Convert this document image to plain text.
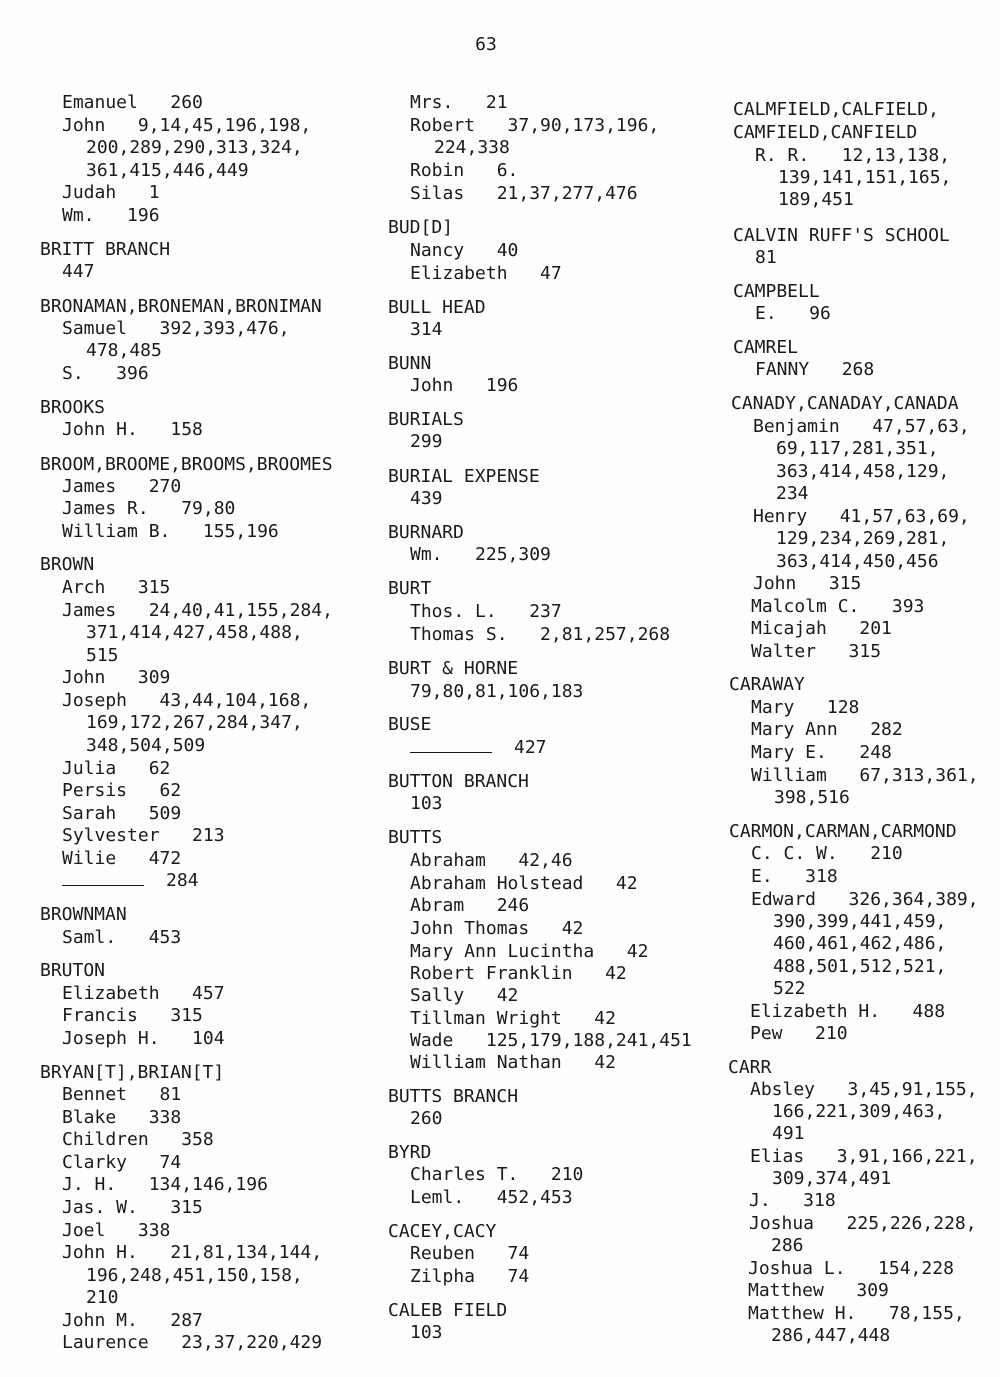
63
Emanuel   260
John   9,14,45,196,198,
200,289,290,313,324,
361,415,446,449
Judah   1
Wm.   196
BRITT BRANCH
447
BRONAMAN,BRONEMAN,BRONIMAN
Samuel   392,393,476,
478,485
S.   396
BROOKS
John H.   158
BROOM,BROOME,BROOMS,BROOMES
James   270
James R.   79,80
William B.   155,196
BROWN
Arch   315
James   24,40,41,155,284,
371,414,427,458,488,
515
John   309
Joseph   43,44,104,168,
169,172,267,284,347,
348,504,509
Julia   62
Persis   62
Sarah   509
Sylvester   213
Wilie   472
284
BROWNMAN
Saml.   453
BRUTON
Elizabeth   457
Francis   315
Joseph H.   104
BRYAN[T],BRIAN[T]
Bennet   81
Blake   338
Children   358
Clarky   74
J. H.   134,146,196
Jas. W.   315
Joel   338
John H.   21,81,134,144,
196,248,451,150,158,
210
John M.   287
Laurence   23,37,220,429
Mrs.   21
Robert   37,90,173,196,
224,338
Robin   6.
Silas   21,37,277,476
BUD[D]
Nancy   40
Elizabeth   47
BULL HEAD
314
BUNN
John   196
BURIALS
299
BURIAL EXPENSE
439
BURNARD
Wm.   225,309
BURT
Thos. L.   237
Thomas S.   2,81,257,268
BURT & HORNE
79,80,81,106,183
BUSE
427
BUTTON BRANCH
103
BUTTS
Abraham   42,46
Abraham Holstead   42
Abram   246
John Thomas   42
Mary Ann Lucintha   42
Robert Franklin   42
Sally   42
Tillman Wright   42
Wade   125,179,188,241,451
William Nathan   42
BUTTS BRANCH
260
BYRD
Charles T.   210
Leml.   452,453
CACEY,CACY
Reuben   74
Zilpha   74
CALEB FIELD
103
CALMFIELD,CALFIELD,
CAMFIELD,CANFIELD
R. R.   12,13,138,
139,141,151,165,
189,451
CALVIN RUFF'S SCHOOL
81
CAMPBELL
E.   96
CAMREL
FANNY   268
CANADY,CANADAY,CANADA
Benjamin   47,57,63,
69,117,281,351,
363,414,458,129,
234
Henry   41,57,63,69,
129,234,269,281,
363,414,450,456
John   315
Malcolm C.   393
Micajah   201
Walter   315
CARAWAY
Mary   128
Mary Ann   282
Mary E.   248
William   67,313,361,
398,516
CARMON,CARMAN,CARMOND
C. C. W.   210
E.   318
Edward   326,364,389,
390,399,441,459,
460,461,462,486,
488,501,512,521,
522
Elizabeth H.   488
Pew   210
CARR
Absley   3,45,91,155,
166,221,309,463,
491
Elias   3,91,166,221,
309,374,491
J.   318
Joshua   225,226,228,
286
Joshua L.   154,228
Matthew   309
Matthew H.   78,155,
286,447,448
